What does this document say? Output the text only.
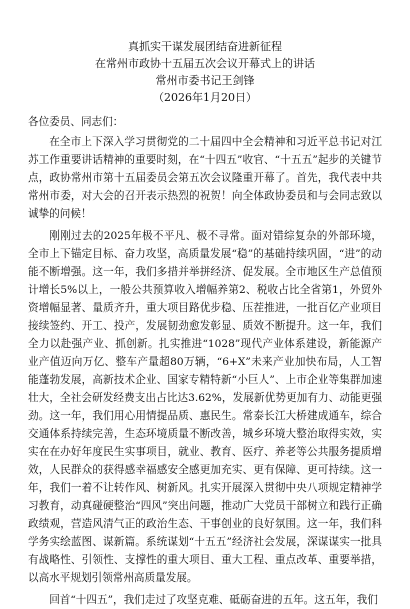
真抓实干谋发展团结奋进新征程
在常州市政协十五届五次会议开幕式上的讲话
常州市委书记王剑锋
（2026年1月20日）
各位委员、同志们：

在全市上下深入学习贯彻党的二十届四中全会精神和习近平总书记对江苏工作重要讲话精神的重要时刻，在“十四五”收官、“十五五”起步的关键节点，政协常州市第十五届委员会第五次会议隆重开幕了。首先，我代表中共常州市委，对大会的召开表示热烈的祝贺！向全体政协委员和与会同志致以诚挚的问候！

刚刚过去的2025年极不平凡、极不寻常。面对错综复杂的外部环境，全市上下锚定目标、奋力攻坚，高质量发展“稳”的基础持续巩固，“进”的动能不断增强。这一年，我们多措并举拼经济、促发展。全市地区生产总值预计增长5%以上，一般公共预算收入增幅养第2、税收占比全省第1，外贸外资增幅显著、量质齐升，重大项目路优步稳、压茬推进，一批百亿产业项目接续签约、开工、投产，发展韧劲愈发彰显、质效不断提升。这一年，我们全力以赴强产业、抓创新。扎实推进“1028”现代产业体系建设，新能源产业产值迈向万亿、整车产量超80万辆，“6+X”未来产业加快布局，人工智能蓬勃发展，高新技术企业、国家专精特新“小巨人”、上市企业等集群加速壮大，全社会研发经费支出占比达3.62%，发展新优势更加有力、动能更强劲。这一年，我们用心用情提品质、惠民生。常泰长江大桥建成通车，综合交通体系持续完善，生态环境质量不断改善，城乡环境大整治取得实效，实实在在办好年度民生实事项目，就业、教育、医疗、养老等公共服务提质增效，人民群众的获得感幸福感安全感更加充实、更有保障、更可持续。这一年，我们一着不让转作风、树新风。扎实开展深入贯彻中央八项规定精神学习教育，动真碰硬整治“四风”突出问题，推动广大党员干部树立和践行正确政绩观，营造风清气正的政治生态、干事创业的良好氛围。这一年，我们科学务实绘蓝图、谋新篇。系统谋划“十五五”经济社会发展，深谋谋实一批具有战略性、引领性、支撑性的重大项目、重大工程、重点改革、重要举措，以高水平规划引领常州高质量发展。

回首“十四五”，我们走过了攻坚克难、砥砺奋进的五年。这五年，我们
